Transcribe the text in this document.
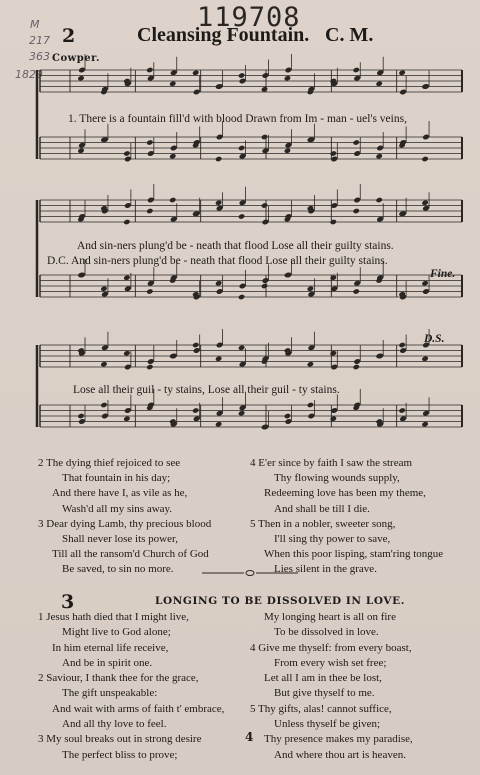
119708
M
217
363
1829
2	Cleansing Fountain. C. M.
Cowper.
1. There is a fountain fill'd with blood Drawn from Im - man - uel's veins,
And sin-ners plung'd be - neath that flood Lose all their guilty stains.
D.C. And sin-ners plung'd be - neath that flood Lose all their guilty stains.
Fine.
D.S.
Lose all their guil - ty stains, Lose all their guil - ty stains.
2 The dying thief rejoiced to see
That fountain in his day;
And there have I, as vile as he,
Wash'd all my sins away.
3 Dear dying Lamb, thy precious blood
Shall never lose its power,
Till all the ransom'd Church of God
Be saved, to sin no more.
4 E'er since by faith I saw the stream
Thy flowing wounds supply,
Redeeming love has been my theme,
And shall be till I die.
5 Then in a nobler, sweeter song,
I'll sing thy power to save,
When this poor lisping, stam'ring tongue
Lies silent in the grave.
3	LONGING TO BE DISSOLVED IN LOVE.
1 Jesus hath died that I might live,
Might live to God alone;
In him eternal life receive,
And be in spirit one.
2 Saviour, I thank thee for the grace,
The gift unspeakable:
And wait with arms of faith t' embrace,
And all thy love to feel.
3 My soul breaks out in strong desire
The perfect bliss to prove;
My longing heart is all on fire
To be dissolved in love.
4 Give me thyself: from every boast,
From every wish set free;
Let all I am in thee be lost,
But give thyself to me.
5 Thy gifts, alas! cannot suffice,
Unless thyself be given;
Thy presence makes my paradise,
And where thou art is heaven.
4
